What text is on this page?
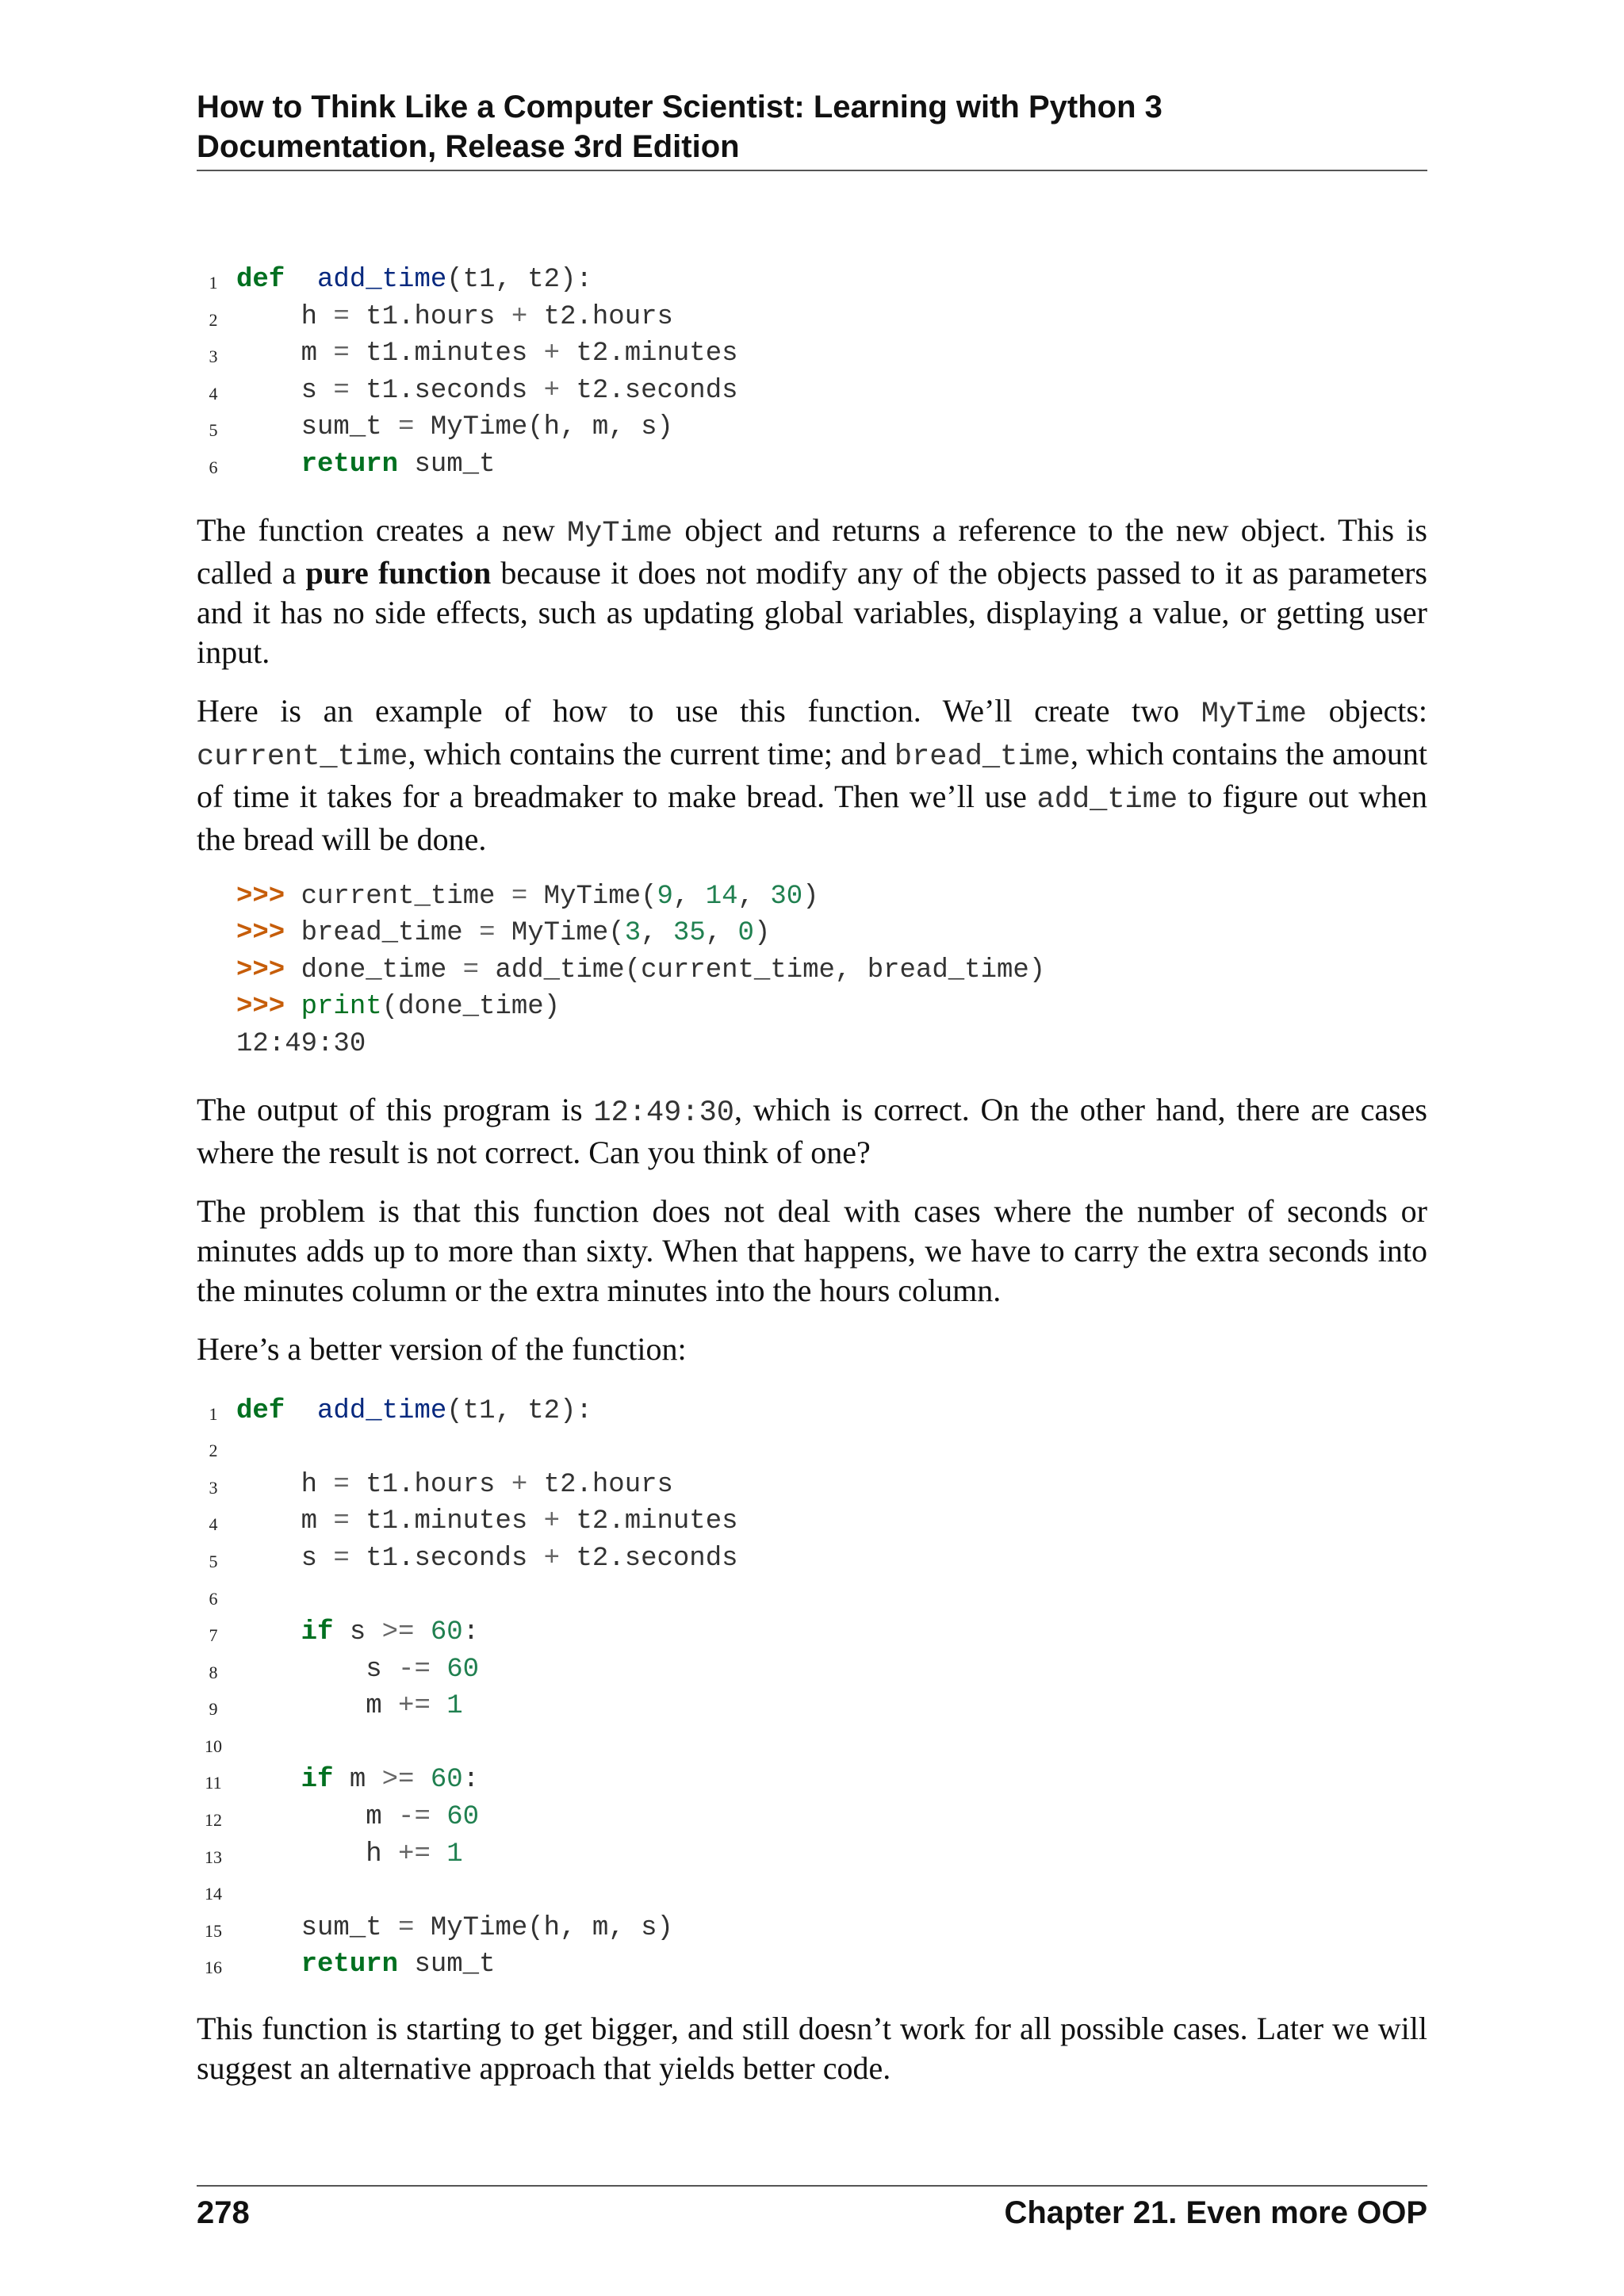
How to Think Like a Computer Scientist: Learning with Python 3
Documentation, Release 3rd Edition
1 def add_time(t1, t2):
2 h = t1.hours + t2.hours
3 m = t1.minutes + t2.minutes
4 s = t1.seconds + t2.seconds
5 sum_t = MyTime(h, m, s)
6	return sum_t

The function creates a new MyTime object and returns a reference to the new object. This is called a pure function because it does not modify any of the objects passed to it as parameters and it has no side effects, such as updating global variables, displaying a value, or getting user input.

Here is an example of how to use this function. We’ll create two MyTime objects: current_time, which contains the current time; and bread_time, which contains the amount of time it takes for a breadmaker to make bread. Then we’ll use add_time to figure out when the bread will be done.

>>> current_time = MyTime(9, 14, 30)
>>> bread_time = MyTime(3, 35, 0)
>>> done_time = add_time(current_time, bread_time)
>>> print(done_time)
12:49:30

The output of this program is 12:49:30, which is correct. On the other hand, there are cases where the result is not correct. Can you think of one?

The problem is that this function does not deal with cases where the number of seconds or minutes adds up to more than sixty. When that happens, we have to carry the extra seconds into the minutes column or the extra minutes into the hours column.

Here’s a better version of the function:

1 def add_time(t1, t2):
2
3 h = t1.hours + t2.hours
4 m = t1.minutes + t2.minutes
5 s = t1.seconds + t2.seconds
6
7	if s >= 60:
8 s -= 60
9 m += 1
10
11	if m >= 60:
12 m -= 60
13 h += 1
14
15 sum_t = MyTime(h, m, s)
16	return sum_t

This function is starting to get bigger, and still doesn’t work for all possible cases. Later we will suggest an alternative approach that yields better code.

278	Chapter 21. Even more OOP
